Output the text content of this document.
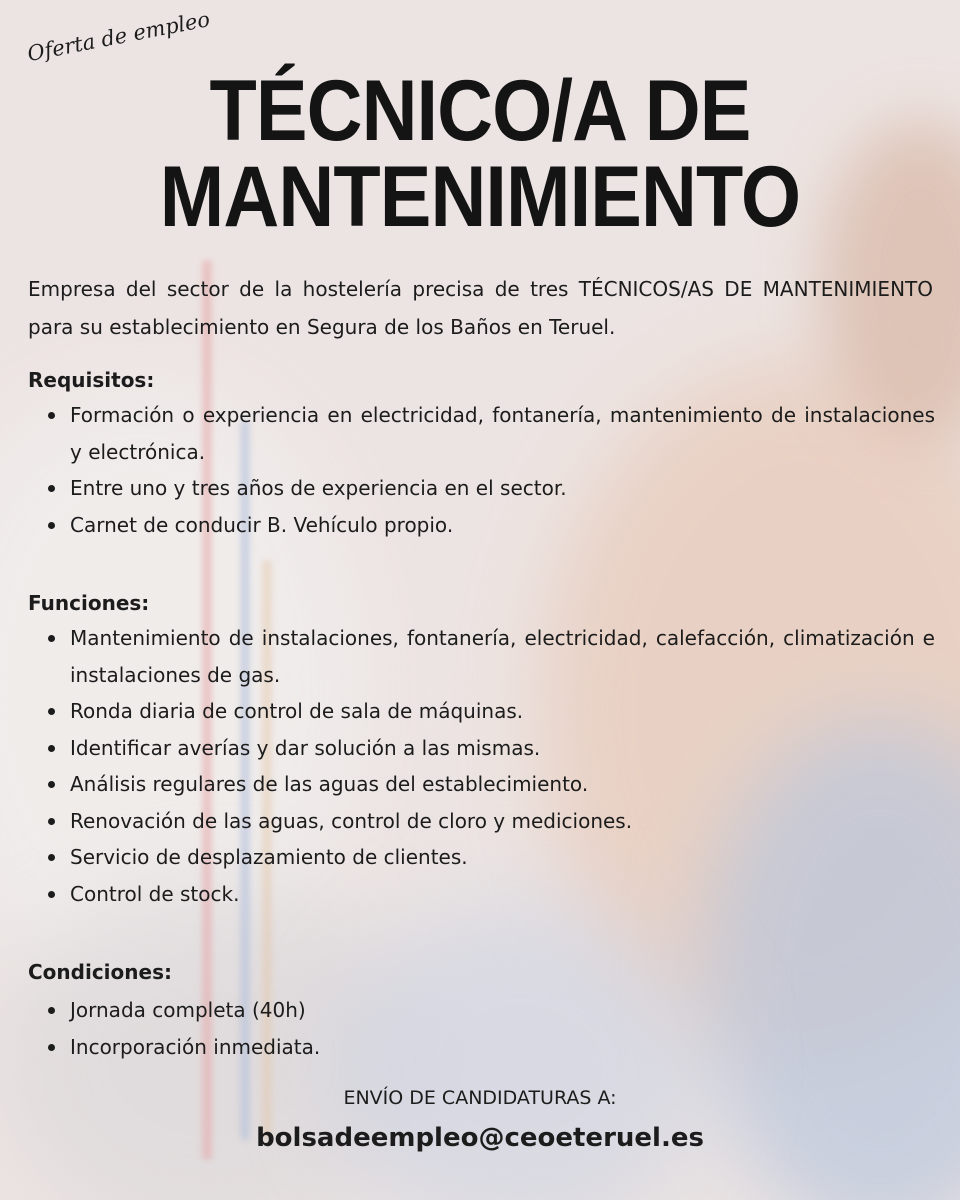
Oferta de empleo
TÉCNICO/A DE
MANTENIMIENTO

Empresa del sector de la hostelería precisa de tres TÉCNICOS/AS DE MANTENIMIENTO para su establecimiento en Segura de los Baños en Teruel.

Requisitos:
Formación o experiencia en electricidad, fontanería, mantenimiento de instalaciones y electrónica.
Entre uno y tres años de experiencia en el sector.
Carnet de conducir B. Vehículo propio.
Funciones:
Mantenimiento de instalaciones, fontanería, electricidad, calefacción, climatización e instalaciones de gas.
Ronda diaria de control de sala de máquinas.
Identificar averías y dar solución a las mismas.
Análisis regulares de las aguas del establecimiento.
Renovación de las aguas, control de cloro y mediciones.
Servicio de desplazamiento de clientes.
Control de stock.
Condiciones:
Jornada completa (40h)
Incorporación inmediata.
ENVÍO DE CANDIDATURAS A:
bolsadeempleo@ceoeteruel.es
